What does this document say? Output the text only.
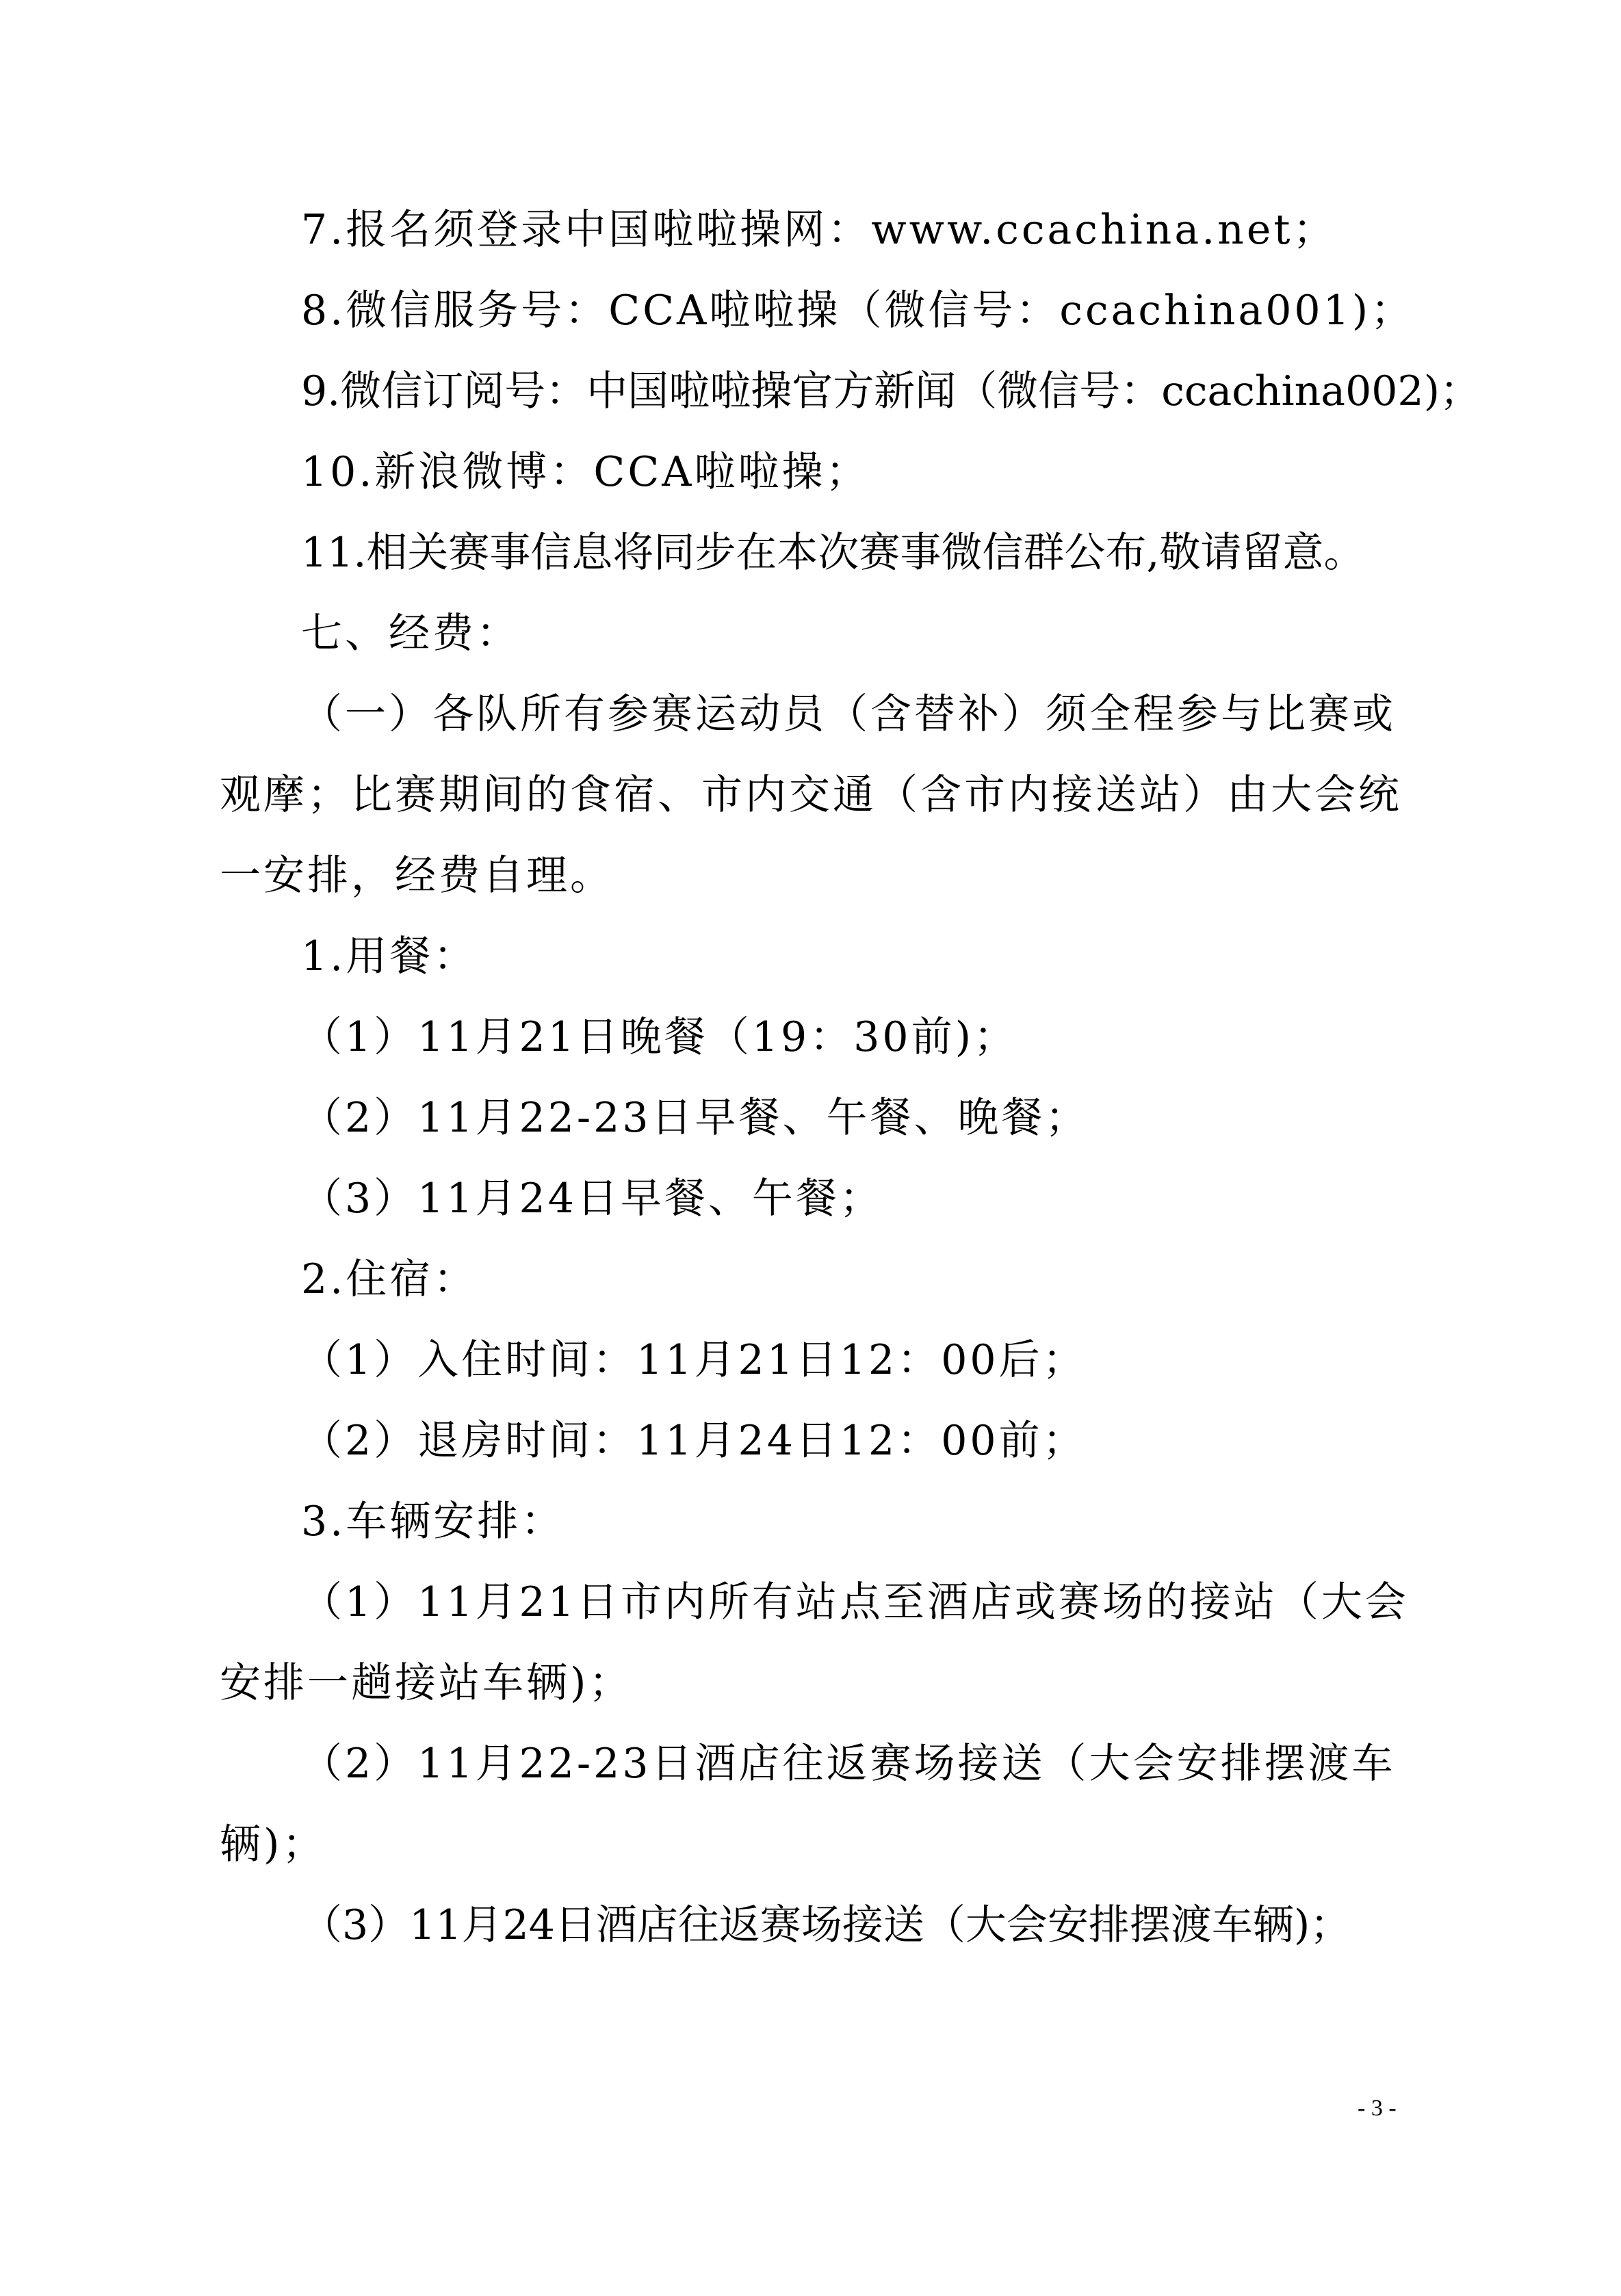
7.报名须登录中国啦啦操网：www.ccachina.net；
8.微信服务号：CCA啦啦操（微信号：ccachina001)；
9.微信订阅号：中国啦啦操官方新闻（微信号：ccachina002)；
10.新浪微博：CCA啦啦操；
11.相关赛事信息将同步在本次赛事微信群公布,敬请留意。
七、经费：
（一）各队所有参赛运动员（含替补）须全程参与比赛或
观摩；比赛期间的食宿、市内交通（含市内接送站）由大会统
一安排，经费自理。
1.用餐：
（1）11月21日晚餐（19：30前)；
（2）11月22-23日早餐、午餐、晚餐；
（3）11月24日早餐、午餐；
2.住宿：
（1）入住时间：11月21日12：00后；
（2）退房时间：11月24日12：00前；
3.车辆安排：
（1）11月21日市内所有站点至酒店或赛场的接站（大会
安排一趟接站车辆)；
（2）11月22-23日酒店往返赛场接送（大会安排摆渡车
辆)；
（3）11月24日酒店往返赛场接送（大会安排摆渡车辆)；
- 3 -
